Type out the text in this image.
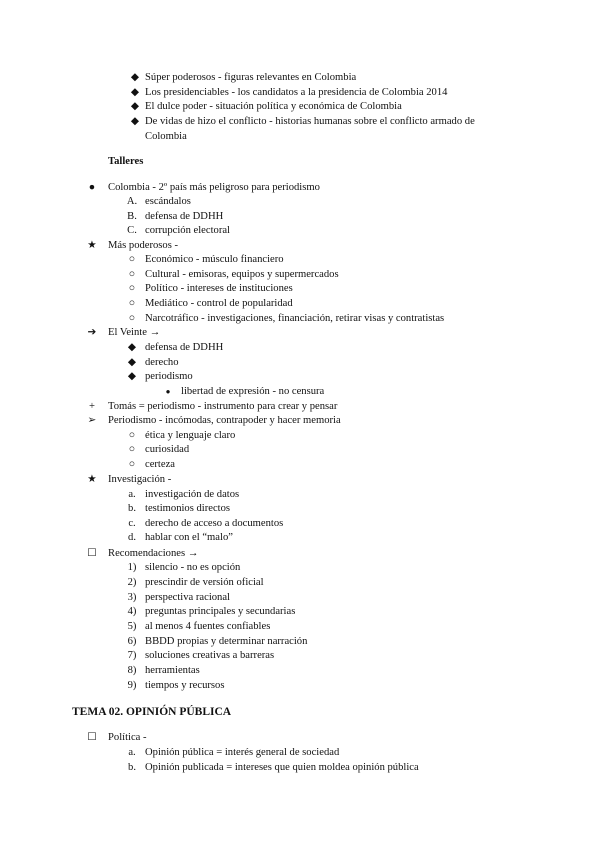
◆ Súper poderosos - figuras relevantes en Colombia
◆ Los presidenciables - los candidatos a la presidencia de Colombia 2014
◆ El dulce poder - situación política y económica de Colombia
◆ De vidas de hizo el conflicto - historias humanas sobre el conflicto armado de
Colombia
Talleres
● Colombia - 2º país más peligroso para periodismo
A. escándalos
B. defensa de DDHH
C. corrupción electoral
★ Más poderosos -
○ Económico - músculo financiero
○ Cultural - emisoras, equipos y supermercados
○ Político - intereses de instituciones
○ Mediático - control de popularidad
○ Narcotráfico - investigaciones, financiación, retirar visas y contratistas
➔ El Veinte →
◆ defensa de DDHH
◆ derecho
◆ periodismo
● libertad de expresión - no censura
+ Tomás = periodismo - instrumento para crear y pensar
➢ Periodismo - incómodas, contrapoder y hacer memoria
○ ética y lenguaje claro
○ curiosidad
○ certeza
★ Investigación -
a. investigación de datos
b. testimonios directos
c. derecho de acceso a documentos
d. hablar con el “malo”
☐ Recomendaciones →
1) silencio - no es opción
2) prescindir de versión oficial
3) perspectiva racional
4) preguntas principales y secundarias
5) al menos 4 fuentes confiables
6) BBDD propias y determinar narración
7) soluciones creativas a barreras
8) herramientas
9) tiempos y recursos
TEMA 02. OPINIÓN PÚBLICA
☐ Política -
a. Opinión pública = interés general de sociedad
b. Opinión publicada = intereses que quien moldea opinión pública
